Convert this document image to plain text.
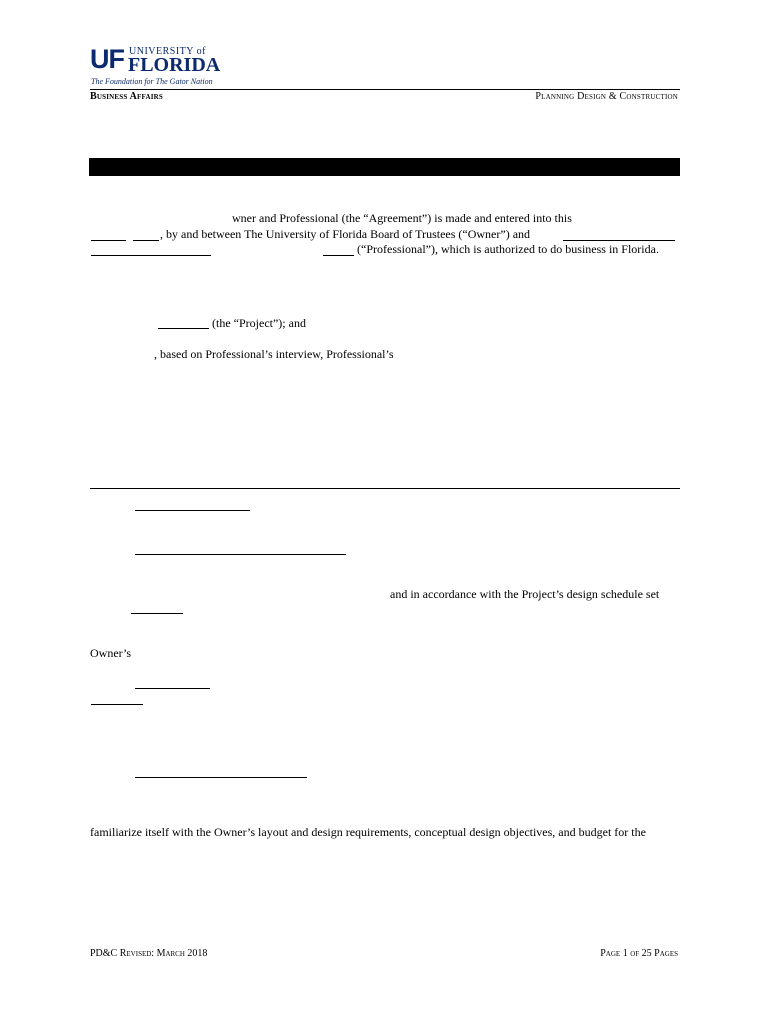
UF UNIVERSITY of
FLORIDA
The Foundation for The Gator Nation
Business Affairs	Planning Design & Construction
wner and Professional (the “Agreement”) is made and entered into this
, by and between The University of Florida Board of Trustees (“Owner”) and
(“Professional”), which is authorized to do business in Florida.
(the “Project”); and
, based on Professional’s interview, Professional’s
and in accordance with the Project’s design schedule set
Owner’s
familiarize itself with the Owner’s layout and design requirements, conceptual design objectives, and budget for the
PD&C Revised: March 2018	Page 1 of 25 Pages
